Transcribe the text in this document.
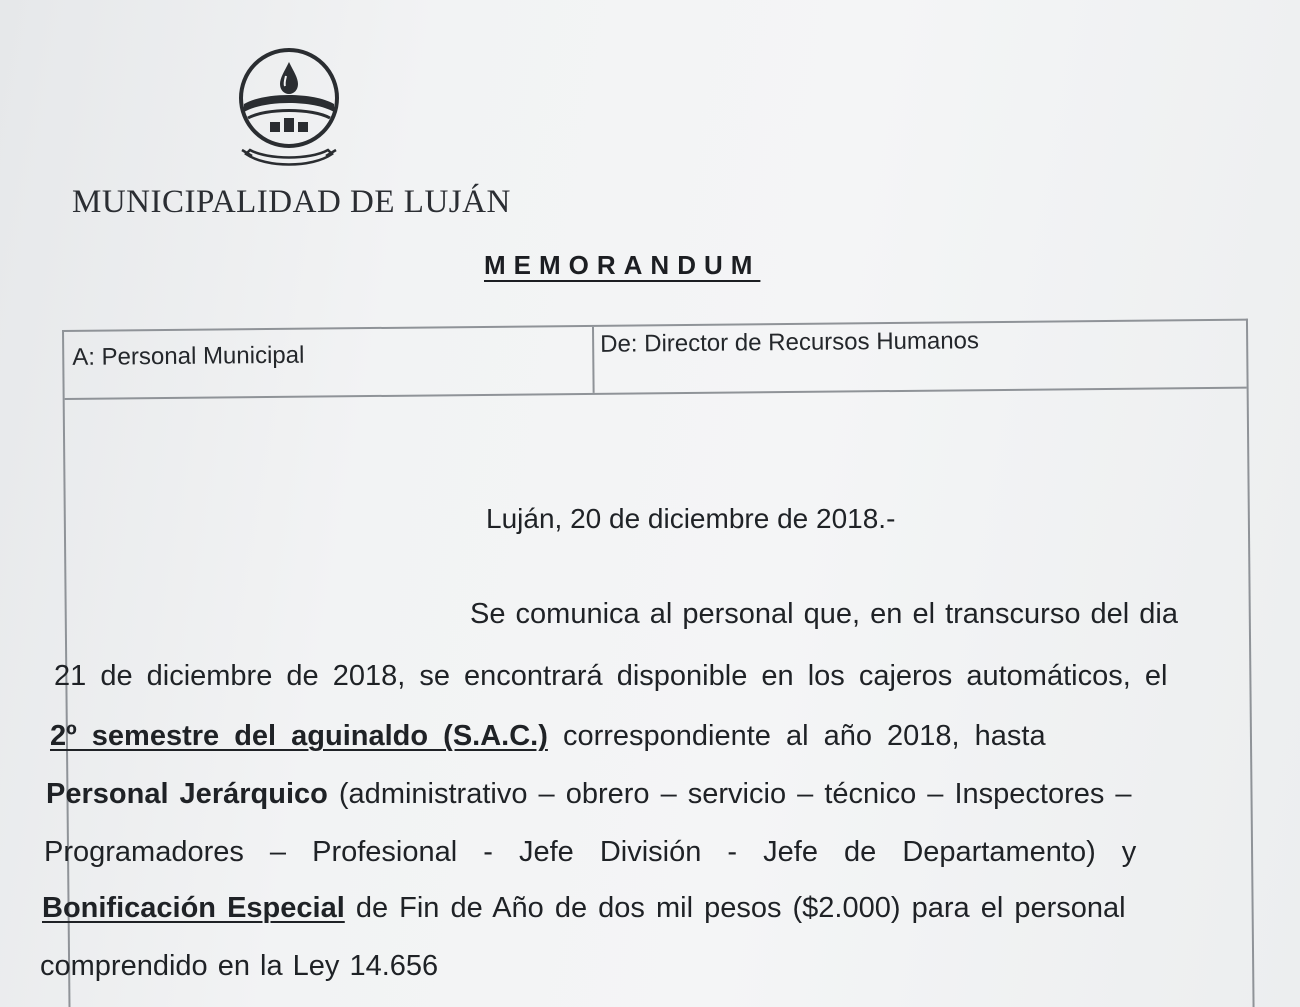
MUNICIPALIDAD DE LUJÁN
MEMORANDUM
A: Personal Municipal	De: Director de Recursos Humanos
Luján, 20 de diciembre de 2018.-
Se comunica al personal que, en el transcurso del dia
21 de diciembre de 2018, se encontrará disponible en los cajeros automáticos, el
2º semestre del aguinaldo (S.A.C.) correspondiente al año 2018, hasta
Personal Jerárquico (administrativo – obrero – servicio – técnico – Inspectores –
Programadores – Profesional - Jefe División - Jefe de Departamento) y
Bonificación Especial de Fin de Año de dos mil pesos ($2.000) para el personal
comprendido en la Ley 14.656
